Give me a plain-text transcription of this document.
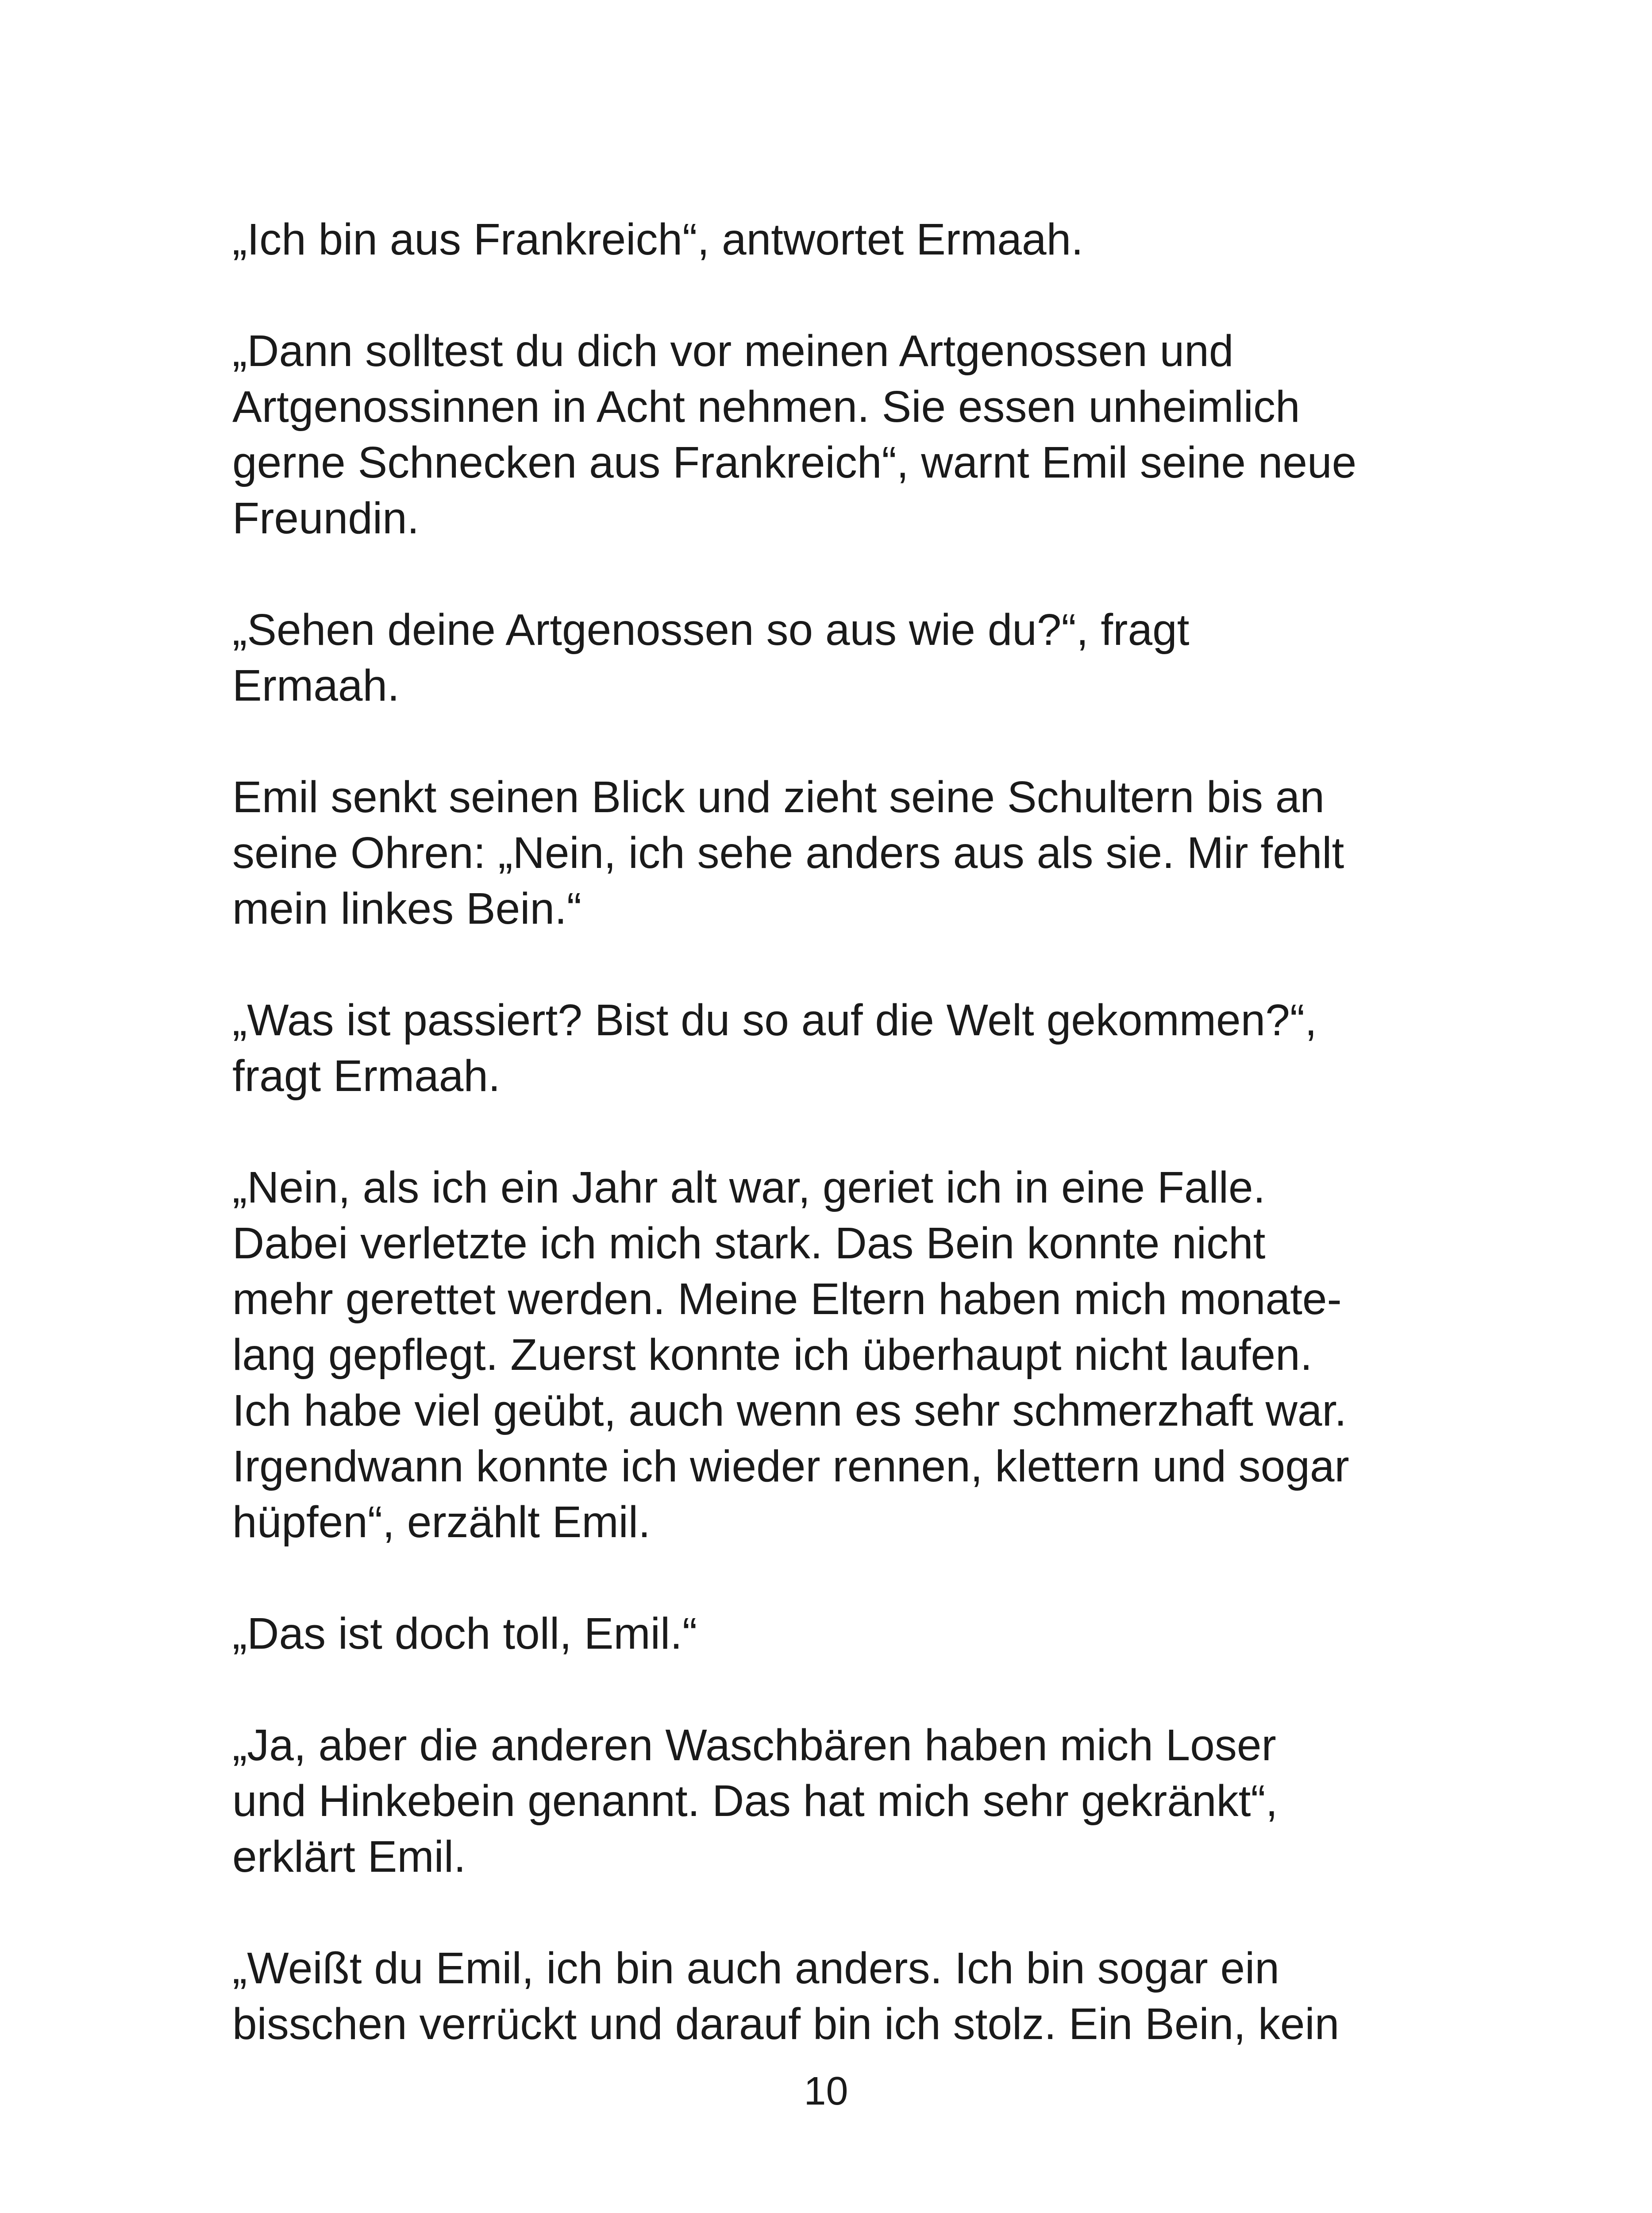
„Ich bin aus Frankreich“, antwortet Ermaah.

„Dann solltest du dich vor meinen Artgenossen und
Artgenossinnen in Acht nehmen. Sie essen unheimlich
gerne Schnecken aus Frankreich“, warnt Emil seine neue
Freundin.

„Sehen deine Artgenossen so aus wie du?“, fragt
Ermaah.

Emil senkt seinen Blick und zieht seine Schultern bis an
seine Ohren: „Nein, ich sehe anders aus als sie. Mir fehlt
mein linkes Bein.“

„Was ist passiert? Bist du so auf die Welt gekommen?“,
fragt Ermaah.

„Nein, als ich ein Jahr alt war, geriet ich in eine Falle.
Dabei verletzte ich mich stark. Das Bein konnte nicht
mehr gerettet werden. Meine Eltern haben mich monate-
lang gepflegt. Zuerst konnte ich überhaupt nicht laufen.
Ich habe viel geübt, auch wenn es sehr schmerzhaft war.
Irgendwann konnte ich wieder rennen, klettern und sogar
hüpfen“, erzählt Emil.

„Das ist doch toll, Emil.“

„Ja, aber die anderen Waschbären haben mich Loser
und Hinkebein genannt. Das hat mich sehr gekränkt“,
erklärt Emil.

„Weißt du Emil, ich bin auch anders. Ich bin sogar ein
bisschen verrückt und darauf bin ich stolz. Ein Bein, kein

10
